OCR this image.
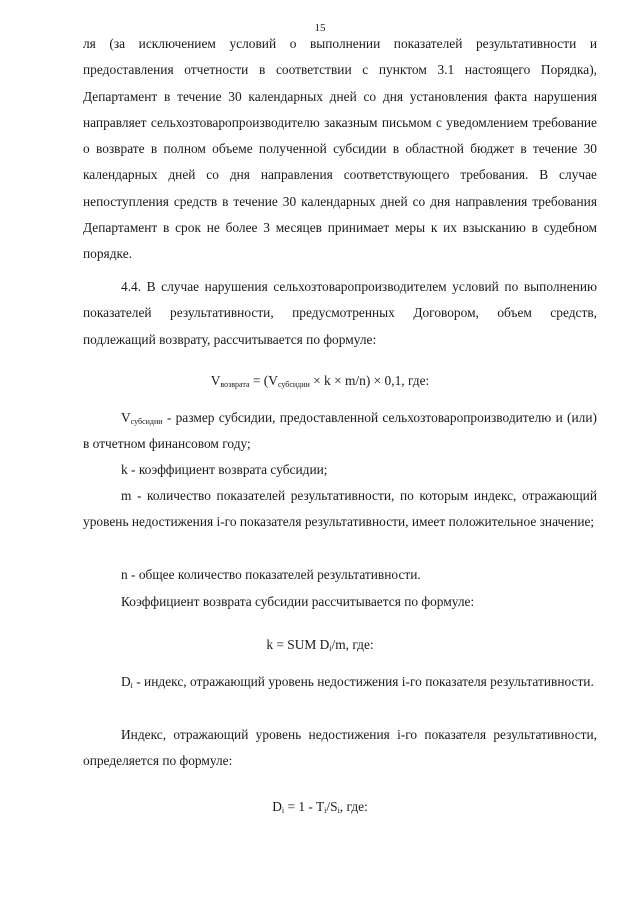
15
ля (за исключением условий о выполнении показателей результативности и предоставления отчетности в соответствии с пунктом 3.1 настоящего Порядка), Департамент в течение 30 календарных дней со дня установления факта нарушения направляет сельхозтоваропроизводителю заказным письмом с уведомлением требование о возврате в полном объеме полученной субсидии в областной бюджет в течение 30 календарных дней со дня направления соответствующего требования. В случае непоступления средств в течение 30 календарных дней со дня направления требования Департамент в срок не более 3 месяцев принимает меры к их взысканию в судебном порядке.
4.4. В случае нарушения сельхозтоваропроизводителем условий по выполнению показателей результативности, предусмотренных Договором, объем средств, подлежащий возврату, рассчитывается по формуле:
$V_{возврата} = (V_{субсидии} \times k \times m/n) \times 0,1$, где:
$V_{субсидии}$ - размер субсидии, предоставленной сельхозтоваропроизводителю и (или) в отчетном финансовом году;
k - коэффициент возврата субсидии;
m - количество показателей результативности, по которым индекс, отражающий уровень недостижения i-го показателя результативности, имеет положительное значение;
n - общее количество показателей результативности.
Коэффициент возврата субсидии рассчитывается по формуле:
k = SUM $D_i/m$, где:
$D_i$ - индекс, отражающий уровень недостижения i-го показателя результативности.
Индекс, отражающий уровень недостижения i-го показателя результативности, определяется по формуле:
$D_i = 1 - T_i/S_i$, где:
